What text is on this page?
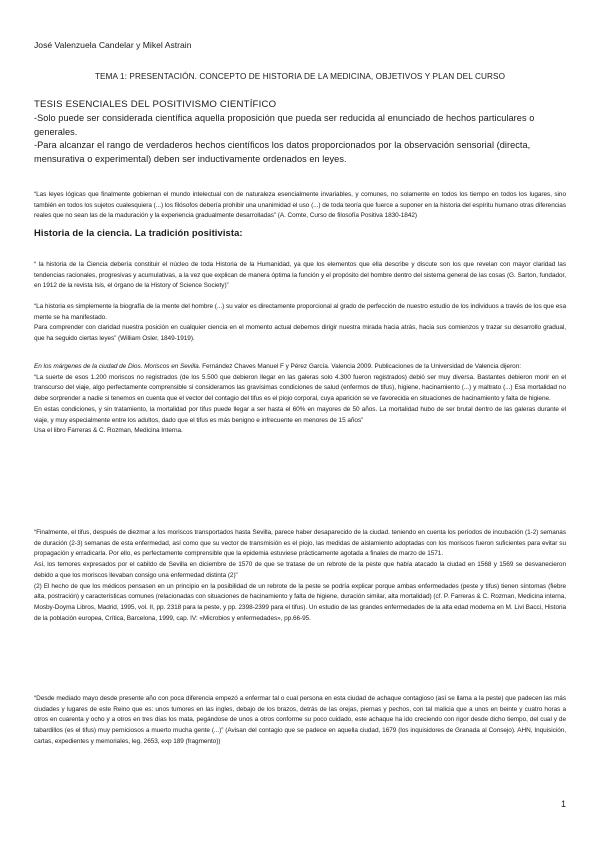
José Valenzuela Candelar y Mikel Astrain

TEMA 1: PRESENTACIÓN. CONCEPTO DE HISTORIA DE LA MEDICINA, OBJETIVOS Y PLAN DEL CURSO

TESIS ESENCIALES DEL POSITIVISMO CIENTÍFICO

-Solo puede ser considerada científica aquella proposición que pueda ser reducida al enunciado de hechos particulares o generales.

-Para alcanzar el rango de verdaderos hechos científicos los datos proporcionados por la observación sensorial (directa, mensurativa o experimental) deben ser inductivamente ordenados en leyes.

“Las leyes lógicas que finalmente gobiernan el mundo intelectual con de naturaleza esencialmente invariables, y comunes, no solamente en todos los tiempo en todos los lugares, sino también en todos los sujetos cualesquiera (...) los filósofos debería prohibir una unanimidad el uso (...) de toda teoría que fuerce a suponer en la historia del espíritu humano otras diferencias reales que no sean las de la maduración y la experiencia gradualmente desarrolladas” (A. Comte, Curso de filosofía Positiva 1830-1842)

Historia de la ciencia. La tradición positivista:

“ la historia de la Ciencia debería constituir el núcleo de toda Historia de la Humanidad, ya que los elementos que ella describe y discute son los que revelan con mayor claridad las tendencias racionales, progresivas y acumulativas, a la vez que explican de manera óptima la función y el propósito del hombre dentro del sistema general de las cosas (G. Sarton, fundador, en 1912 de la revista Isis, el órgano de la History of Science Society)”

“La historia es simplemente la biografía de la mente del hombre (...) su valor es directamente proporcional al grado de perfección de nuestro estudio de los individuos a través de los que esa mente se ha manifestado.
Para comprender con claridad nuestra posición en cualquier ciencia en el momento actual debemos dirigir nuestra mirada hacia atrás, hacia sus comienzos y trazar su desarrollo gradual, que ha seguido ciertas leyes” (William Osler, 1849-1919).
En los márgenes de la ciudad de Dios. Moriscos en Sevilla. Fernández Chaves Manuel F y Pérez García. Valencia 2009. Publicaciones de la Universidad de Valencia dijeron:
“La suerte de esos 1.200 moriscos no registrados (de los 5.500 que debieron llegar en las galeras solo 4.300 fueron registrados) debió ser muy diversa. Bastantes debieron morir en el transcurso del viaje, algo perfectamente comprensible si consideramos las gravísimas condiciones de salud (enfermos de tifus), higiene, hacinamiento (...) y maltrato (...) Esa mortalidad no debe sorprender a nadie si tenemos en cuenta que el vector del contagio del tifus es el piojo corporal, cuya aparición se ve favorecida en situaciones de hacinamiento y falta de higiene.
En estas condiciones, y sin tratamiento, la mortalidad por tifus puede llegar a ser hasta el 60% en mayores de 50 años. La mortalidad hubo de ser brutal dentro de las galeras durante el viaje, y muy especialmente entre los adultos, dado que el tifus es más benigno e infrecuente en menores de 15 años”
Usa el libro Farreras & C. Rozman, Medicina Interna.
“Finalmente, el tifus, después de diezmar a los moriscos transportados hasta Sevilla, parece haber desaparecido de la ciudad. teniendo en cuenta los períodos de incubación (1-2) semanas de duración (2-3) semanas de esta enfermedad, así como que su vector de transmisión es el piojo, las medidas de aislamiento adoptadas con los moriscos fueron suficientes para evitar su propagación y erradicarla. Por ello, es perfectamente comprensible que la epidemia estuviese prácticamente agotada a finales de marzo de 1571.
Así, los temores expresados por el cabildo de Sevilla en diciembre de 1570 de que se tratase de un rebrote de la peste que había atacado la ciudad en 1568 y 1569 se desvanecieron debido a que los moriscos llevaban consigo una enfermedad distinta (2)”
(2) El hecho de que los médicos pensasen en un principio en la posibilidad de un rebrote de la peste se podría explicar porque ambas enfermedades (peste y tifus) tienen síntomas (fiebre alta, postración) y características comunes (relacionadas con situaciones de hacinamiento y falta de higiene, duración similar, alta mortalidad) (cf. P. Farreras & C. Rozman, Medicina interna, Mosby-Doyma Libros, Madrid, 1995, vol. II, pp. 2318 para la peste, y pp. 2398-2399 para el tifus). Un estudio de las grandes enfermedades de la alta edad moderna en M. Livi Bacci, Historia de la población europea, Crítica, Barcelona, 1999, cap. IV: «Microbios y enfermedades», pp.66-95.

“Desde mediado mayo desde presente año con poca diferencia empezó a enfermar tal o cual persona en esta ciudad de achaque contagioso (así se llama a la peste) que padecen las más ciudades y lugares de este Reino que es: unos tumores en las ingles, debajo de los brazos, detrás de las orejas, piernas y pechos, con tal malicia que a unos en beinte y cuatro horas a otros en cuarenta y ocho y a otros en tres días los mata, pegándose de unos a otros conforme su poco cuidado, este achaque ha ido creciendo con rigor desde dicho tiempo, del cual y de tabardillos (es el tifus) muy perniciosos a muerto mucha gente (...)” (Avisan del contagio que se padece en aquella ciudad, 1679 (los inquisidores de Granada al Consejo). AHN, Inquisición, cartas, expedientes y memoriales, leg. 2653, exp 189 (fragmento))

1
